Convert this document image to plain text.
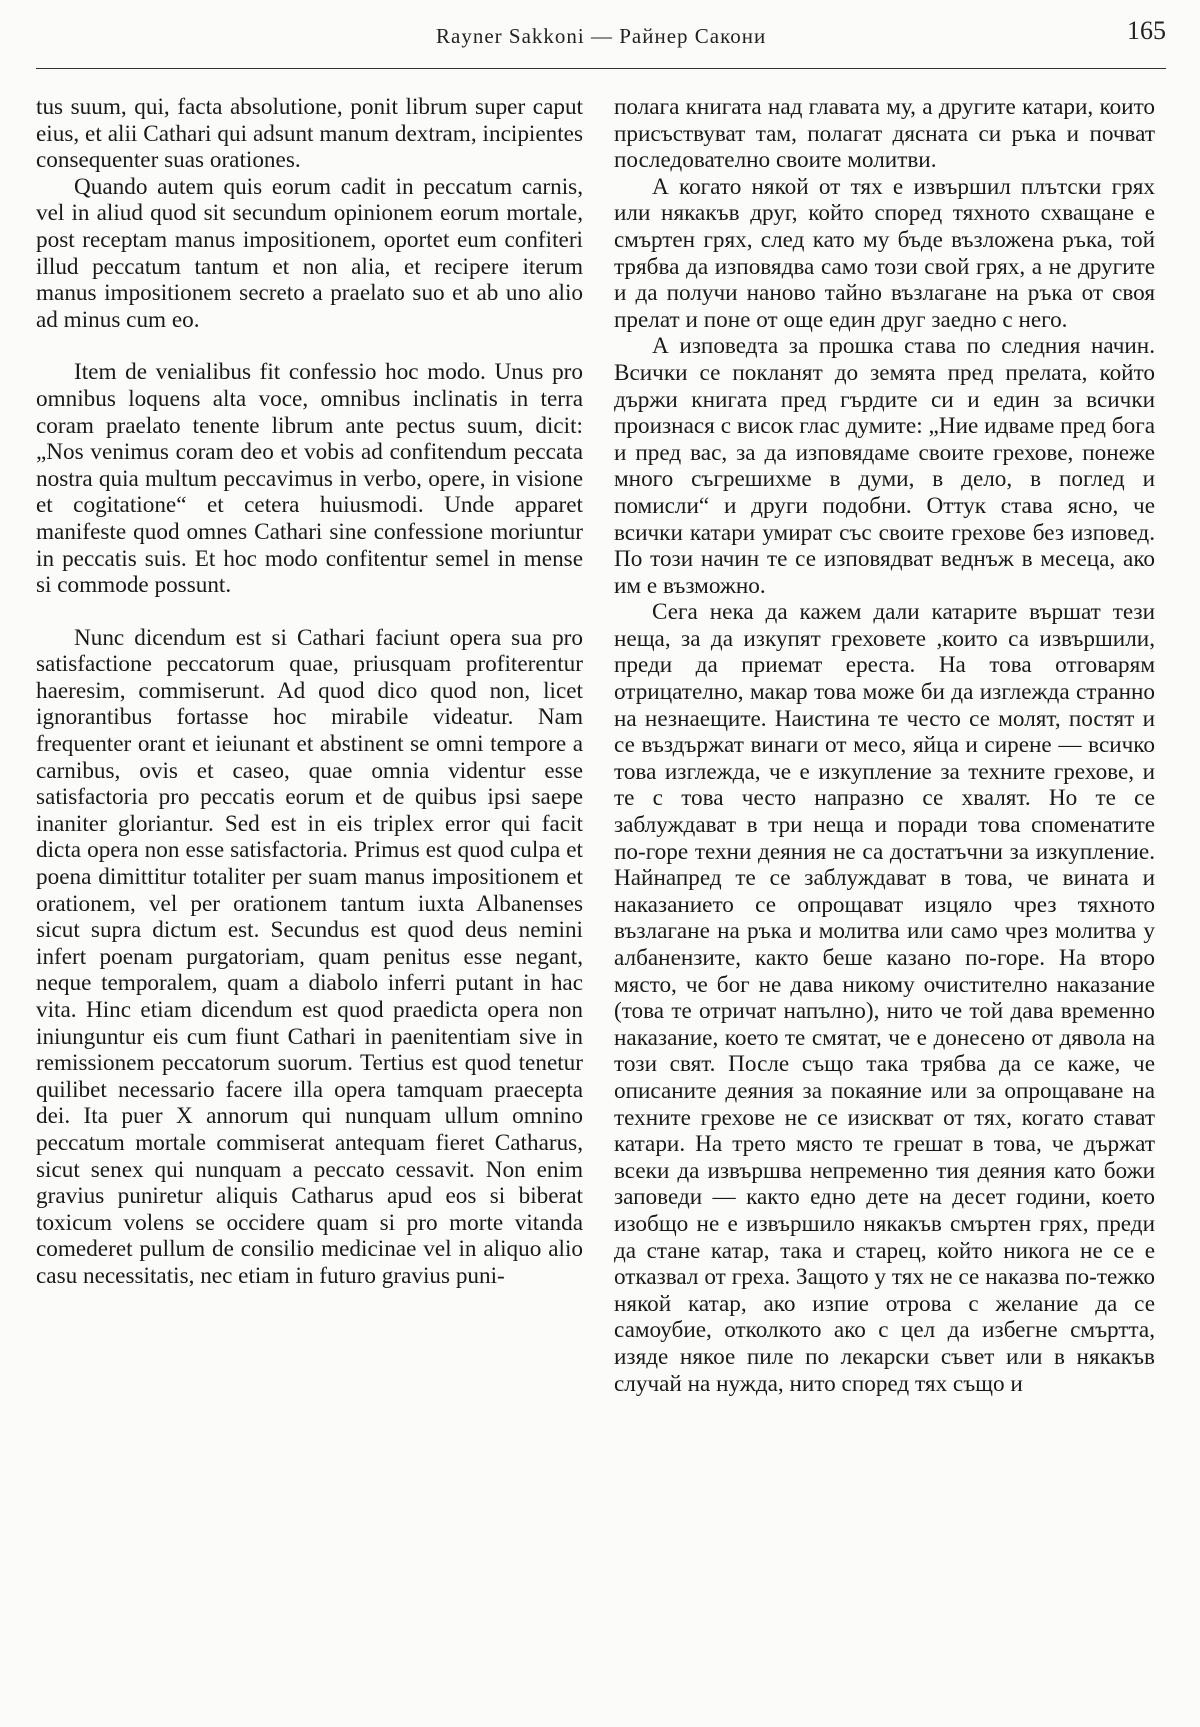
Rayner Sakkoni — Райнер Сакони	165

tus suum, qui, facta absolutione, ponit librum super caput eius, et alii Cathari qui adsunt manum dextram, incipientes consequenter suas orationes.

Quando autem quis eorum cadit in peccatum carnis, vel in aliud quod sit secundum opinionem eorum mortale, post receptam manus impositionem, oportet eum confiteri illud peccatum tantum et non alia, et recipere iterum manus impositionem secreto a praelato suo et ab uno alio ad minus cum eo.

Item de venialibus fit confessio hoc modo. Unus pro omnibus loquens alta voce, omnibus inclinatis in terra coram praelato tenente librum ante pectus suum, dicit: „Nos venimus coram deo et vobis ad confitendum peccata nostra quia multum peccavimus in verbo, opere, in visione et cogitatione“ et cetera huiusmodi. Unde apparet manifeste quod omnes Cathari sine confessione moriuntur in peccatis suis. Et hoc modo confitentur semel in mense si commode possunt.

Nunc dicendum est si Cathari faciunt opera sua pro satisfactione peccatorum quae, priusquam profiterentur haeresim, commiserunt. Ad quod dico quod non, licet ignorantibus fortasse hoc mirabile videatur. Nam frequenter orant et ieiunant et abstinent se omni tempore a carnibus, ovis et caseo, quae omnia videntur esse satisfactoria pro peccatis eorum et de quibus ipsi saepe inaniter gloriantur. Sed est in eis triplex error qui facit dicta opera non esse satisfactoria. Primus est quod culpa et poena dimittitur totaliter per suam manus impositionem et orationem, vel per orationem tantum iuxta Albanenses sicut supra dictum est. Secundus est quod deus nemini infert poenam purgatoriam, quam penitus esse negant, neque temporalem, quam a diabolo inferri putant in hac vita. Hinc etiam dicendum est quod praedicta opera non iniunguntur eis cum fiunt Cathari in paenitentiam sive in remissionem peccatorum suorum. Tertius est quod tenetur quilibet necessario facere illa opera tamquam praecepta dei. Ita puer X annorum qui nunquam ullum omnino peccatum mortale commiserat antequam fieret Catharus, sicut senex qui nunquam a peccato cessavit. Non enim gravius puniretur aliquis Catharus apud eos si biberat toxicum volens se occidere quam si pro morte vitanda comederet pullum de consilio medicinae vel in aliquo alio casu necessitatis, nec etiam in futuro gravius puni-

полага книгата над главата му, а другите катари, които присъствуват там, полагат дясната си ръка и почват последователно своите молитви.

А когато някой от тях е извършил плътски грях или някакъв друг, който според тяхното схващане е смъртен грях, след като му бъде възложена ръка, той трябва да изповядва само този свой грях, а не другите и да получи наново тайно възлагане на ръка от своя прелат и поне от още един друг заедно с него.

А изповедта за прошка става по следния начин. Всички се покланят до земята пред прелата, който държи книгата пред гърдите си и един за всички произнася с висок глас думите: „Ние идваме пред бога и пред вас, за да изповядаме своите грехове, понеже много съгрешихме в думи, в дело, в поглед и помисли“ и други подобни. Оттук става ясно, че всички катари умират със своите грехове без изповед. По този начин те се изповядват веднъж в месеца, ако им е възможно.

Сега нека да кажем дали катарите вършат тези неща, за да изкупят греховете ,които са извършили, преди да приемат ереста. На това отговарям отрицателно, макар това може би да изглежда странно на незнаещите. Наистина те често се молят, постят и се въздържат винаги от месо, яйца и сирене — всичко това изглежда, че е изкупление за техните грехове, и те с това често напразно се хвалят. Но те се заблуждават в три неща и поради това споменатите по-горе техни деяния не са достатъчни за изкупление. Найнапред те се заблуждават в това, че вината и наказанието се опрощават изцяло чрез тяхното възлагане на ръка и молитва или само чрез молитва у албанензите, както беше казано по-горе. На второ място, че бог не дава никому очистително наказание (това те отричат напълно), нито че той дава временно наказание, което те смятат, че е донесено от дявола на този свят. После също така трябва да се каже, че описаните деяния за покаяние или за опрощаване на техните грехове не се изискват от тях, когато стават катари. На трето място те грешат в това, че държат всеки да извършва непременно тия деяния като божи заповеди — както едно дете на десет години, което изобщо не е извършило някакъв смъртен грях, преди да стане катар, така и старец, който никога не се е отказвал от греха. Защото у тях не се наказва по-тежко някой катар, ако изпие отрова с желание да се самоубие, отколкото ако с цел да избегне смъртта, изяде някое пиле по лекарски съвет или в някакъв случай на нужда, нито според тях също и
